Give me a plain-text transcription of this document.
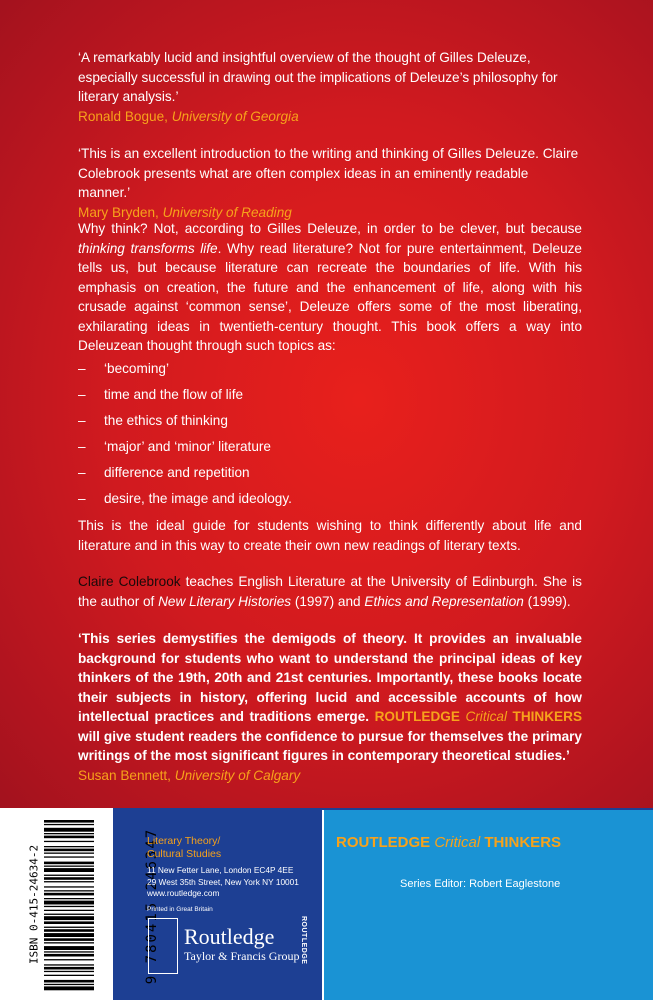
‘A remarkably lucid and insightful overview of the thought of Gilles Deleuze, especially successful in drawing out the implications of Deleuze’s philosophy for literary analysis.’

Ronald Bogue, University of Georgia

‘This is an excellent introduction to the writing and thinking of Gilles Deleuze. Claire Colebrook presents what are often complex ideas in an eminently readable manner.’

Mary Bryden, University of Reading

Why think? Not, according to Gilles Deleuze, in order to be clever, but because thinking transforms life. Why read literature? Not for pure entertainment, Deleuze tells us, but because literature can recreate the boundaries of life. With his emphasis on creation, the future and the enhancement of life, along with his crusade against ‘common sense’, Deleuze offers some of the most liberating, exhilarating ideas in twentieth-century thought. This book offers a way into Deleuzean thought through such topics as:

–	‘becoming’
–	time and the flow of life
–	the ethics of thinking
–	‘major’ and ‘minor’ literature
–	difference and repetition
–	desire, the image and ideology.

This is the ideal guide for students wishing to think differently about life and literature and in this way to create their own new readings of literary texts.

Claire Colebrook teaches English Literature at the University of Edinburgh. She is the author of New Literary Histories (1997) and Ethics and Representation (1999).

‘This series demystifies the demigods of theory. It provides an invaluable background for students who want to understand the principal ideas of key thinkers of the 19th, 20th and 21st centuries. Importantly, these books locate their subjects in history, offering lucid and accessible accounts of how intellectual practices and traditions emerge. ROUTLEDGE Critical THINKERS will give student readers the confidence to pursue for themselves the primary writings of the most significant figures in contemporary theoretical studies.’

Susan Bennett, University of Calgary

ISBN 0-415-24634-2	9 780415 246347
Literary Theory/
Cultural Studies
11 New Fetter Lane, London EC4P 4EE
29 West 35th Street, New York NY 10001
www.routledge.com
Printed in Great Britain
ROUTLEDGE
Routledge
Taylor & Francis Group
ROUTLEDGE Critical THINKERS
Series Editor: Robert Eaglestone
